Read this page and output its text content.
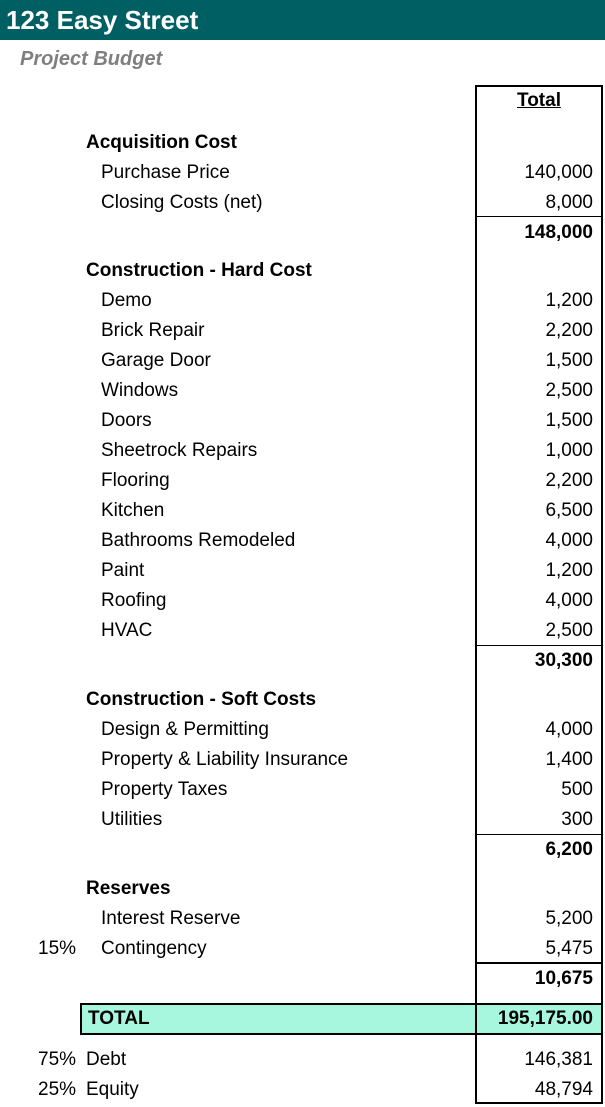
123 Easy Street
Project Budget
Total
Acquisition Cost
Purchase Price	140,000
Closing Costs (net)	8,000
148,000
Construction - Hard Cost
Demo	1,200
Brick Repair	2,200
Garage Door	1,500
Windows	2,500
Doors	1,500
Sheetrock Repairs	1,000
Flooring	2,200
Kitchen	6,500
Bathrooms Remodeled	4,000
Paint	1,200
Roofing	4,000
HVAC	2,500
30,300
Construction - Soft Costs
Design & Permitting	4,000
Property & Liability Insurance	1,400
Property Taxes	500
Utilities	300
6,200
Reserves
Interest Reserve	5,200
15% Contingency	5,475
10,675
TOTAL	195,175.00
75% Debt	146,381
25% Equity	48,794
